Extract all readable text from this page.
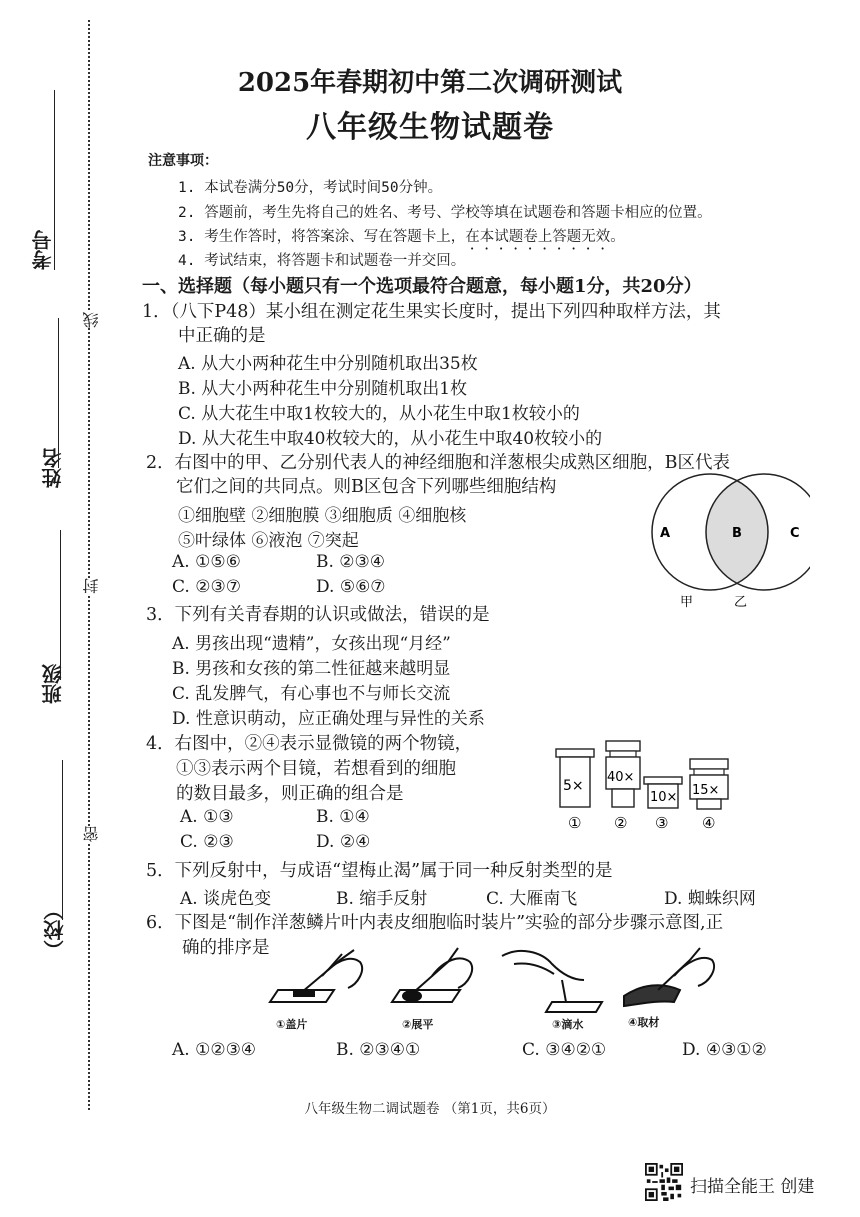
考号
姓名
班级
（校）
线
封
密
2025年春期初中第二次调研测试
八年级生物试题卷
注意事项：
1. 本试卷满分50分，考试时间50分钟。
2. 答题前，考生先将自己的姓名、考号、学校等填在试题卷和答题卡相应的位置。
3. 考生作答时，将答案涂、写在答题卡上，在本试题卷上答题无效。
4. 考试结束，将答题卡和试题卷一并交回。
一、选择题（每小题只有一个选项最符合题意，每小题1分，共20分）
1．（八下P48）某小组在测定花生果实长度时，提出下列四种取样方法，其
中正确的是
A. 从大小两种花生中分别随机取出35枚
B. 从大小两种花生中分别随机取出1枚
C. 从大花生中取1枚较大的，从小花生中取1枚较小的
D. 从大花生中取40枚较大的，从小花生中取40枚较小的
2．右图中的甲、乙分别代表人的神经细胞和洋葱根尖成熟区细胞，B区代表
它们之间的共同点。则B区包含下列哪些细胞结构
①细胞壁 ②细胞膜 ③细胞质 ④细胞核
⑤叶绿体 ⑥液泡 ⑦突起
A. ①⑤⑥	B. ②③④
C. ②③⑦	D. ⑤⑥⑦
A	B	C
甲	乙
3．下列有关青春期的认识或做法，错误的是
A. 男孩出现“遗精”，女孩出现“月经”
B. 男孩和女孩的第二性征越来越明显
C. 乱发脾气，有心事也不与师长交流
D. 性意识萌动，应正确处理与异性的关系
4．右图中，②④表示显微镜的两个物镜，
①③表示两个目镜，若想看到的细胞
的数目最多，则正确的组合是
A. ①③	B. ①④
C. ②③	D. ②④
5×
①
40×
②
10×
③
15×
④
5．下列反射中，与成语“望梅止渴”属于同一种反射类型的是
A. 谈虎色变	B. 缩手反射	C. 大雁南飞	D. 蜘蛛织网
6．下图是“制作洋葱鳞片叶内表皮细胞临时装片”实验的部分步骤示意图,正
确的排序是
①盖片	②展平	③滴水	④取材
A. ①②③④	B. ②③④①	C. ③④②①	D. ④③①②
八年级生物二调试题卷 （第1页，共6页）
扫描全能王 创建
